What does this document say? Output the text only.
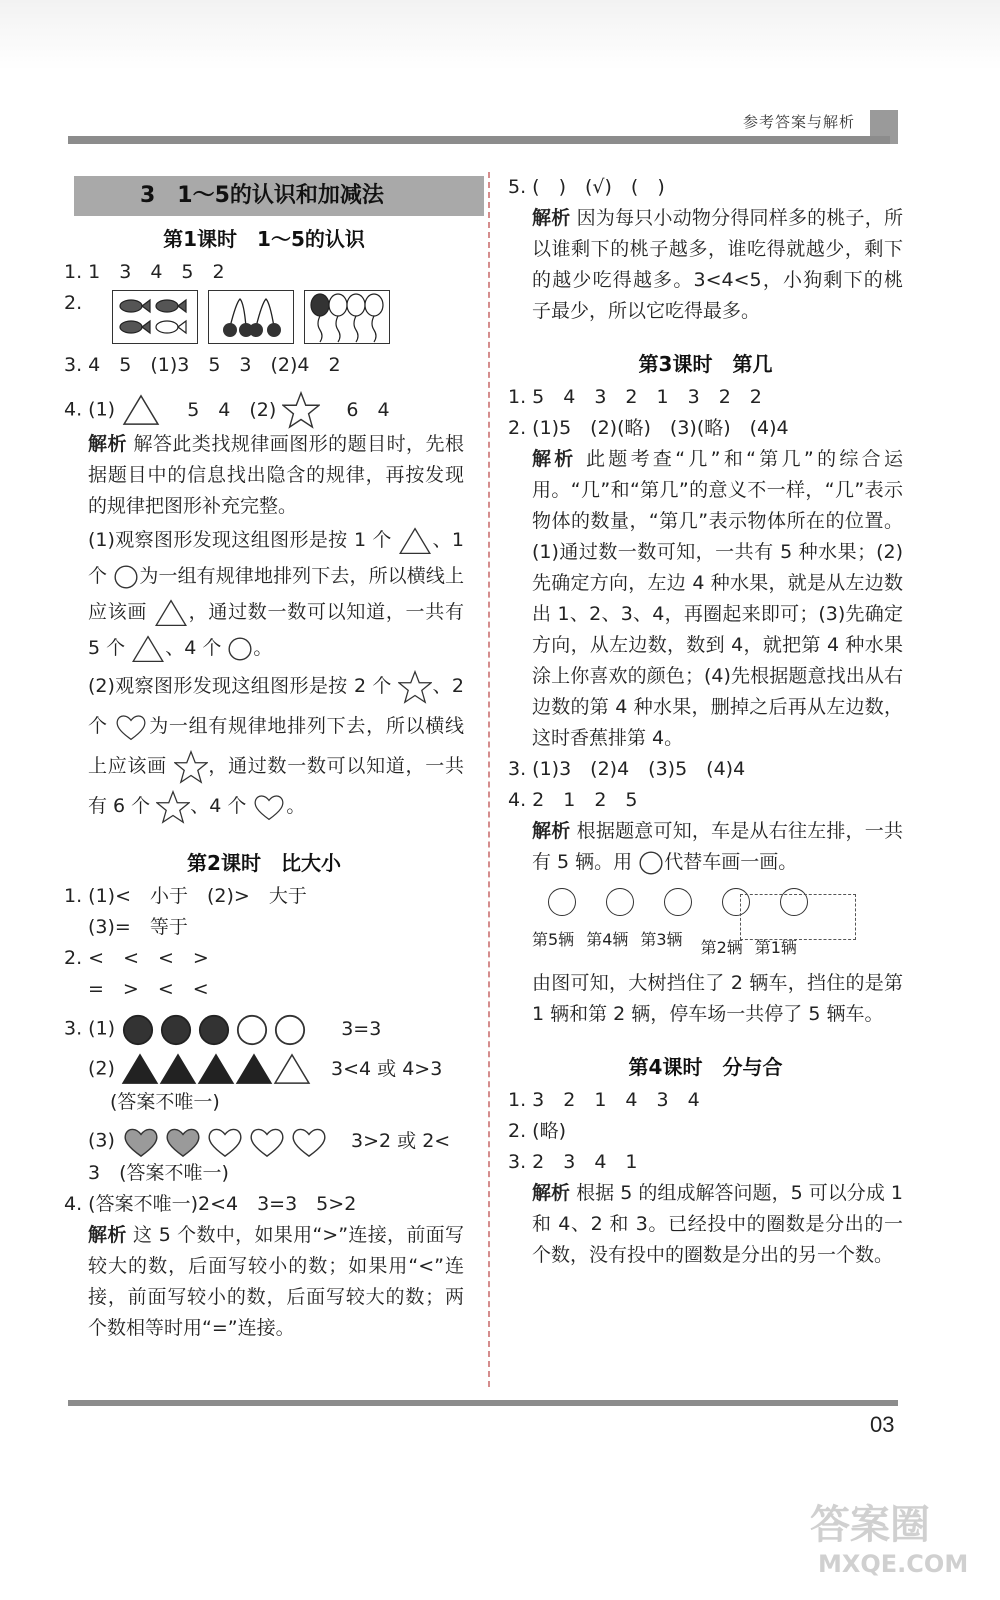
参考答案与解析
3　1～5的认识和加减法
第1课时　1～5的认识
1. 1　3　4　5　2
2.
3. 4　5　(1)3　5　3　(2)4　2
4. (1)	5　4　(2)	6　4
解析 解答此类找规律画图形的题目时，先根据题目中的信息找出隐含的规律，再按发现的规律把图形补充完整。
(1)观察图形发现这组图形是按 1 个 、1 个 为一组有规律地排列下去，所以横线上应该画 ，通过数一数可以知道，一共有 5 个 、4 个 。
(2)观察图形发现这组图形是按 2 个 、2 个 为一组有规律地排列下去，所以横线上应该画 ，通过数一数可以知道，一共有 6 个 、4 个 。
第2课时　比大小
1. (1)<　小于　(2)>　大于
(3)=　等于
2. <　<　<　>
=　>　<　<
3. (1)	3=3
(2)	3<4 或 4>3
(答案不唯一)
(3)	3>2 或 2<
3　(答案不唯一)
4. (答案不唯一)2<4　3=3　5>2
解析 这 5 个数中，如果用“>”连接，前面写较大的数，后面写较小的数；如果用“<”连接，前面写较小的数，后面写较大的数；两个数相等时用“=”连接。
5. (　)　(√)　(　)
解析 因为每只小动物分得同样多的桃子，所以谁剩下的桃子越多，谁吃得就越少，剩下的越少吃得越多。3<4<5，小狗剩下的桃子最少，所以它吃得最多。
第3课时　第几
1. 5　4　3　2　1　3　2　2
2. (1)5　(2)(略)　(3)(略)　(4)4
解析 此题考查“几”和“第几”的综合运用。“几”和“第几”的意义不一样，“几”表示物体的数量，“第几”表示物体所在的位置。(1)通过数一数可知，一共有 5 种水果；(2)先确定方向，左边 4 种水果，就是从左边数出 1、2、3、4，再圈起来即可；(3)先确定方向，从左边数，数到 4，就把第 4 种水果涂上你喜欢的颜色；(4)先根据题意找出从右边数的第 4 种水果，删掉之后再从左边数，这时香蕉排第 4。
3. (1)3　(2)4　(3)5　(4)4
4. 2　1　2　5
解析 根据题意可知，车是从右往左排，一共有 5 辆。用 代替车画一画。
第5辆 第4辆 第3辆 第2辆 第1辆
由图可知，大树挡住了 2 辆车，挡住的是第 1 辆和第 2 辆，停车场一共停了 5 辆车。
第4课时　分与合
1. 3　2　1　4　3　4
2. (略)
3. 2　3　4　1
解析 根据 5 的组成解答问题，5 可以分成 1 和 4、2 和 3。已经投中的圈数是分出的一个数，没有投中的圈数是分出的另一个数。
03
答案圈
MXQE.COM
